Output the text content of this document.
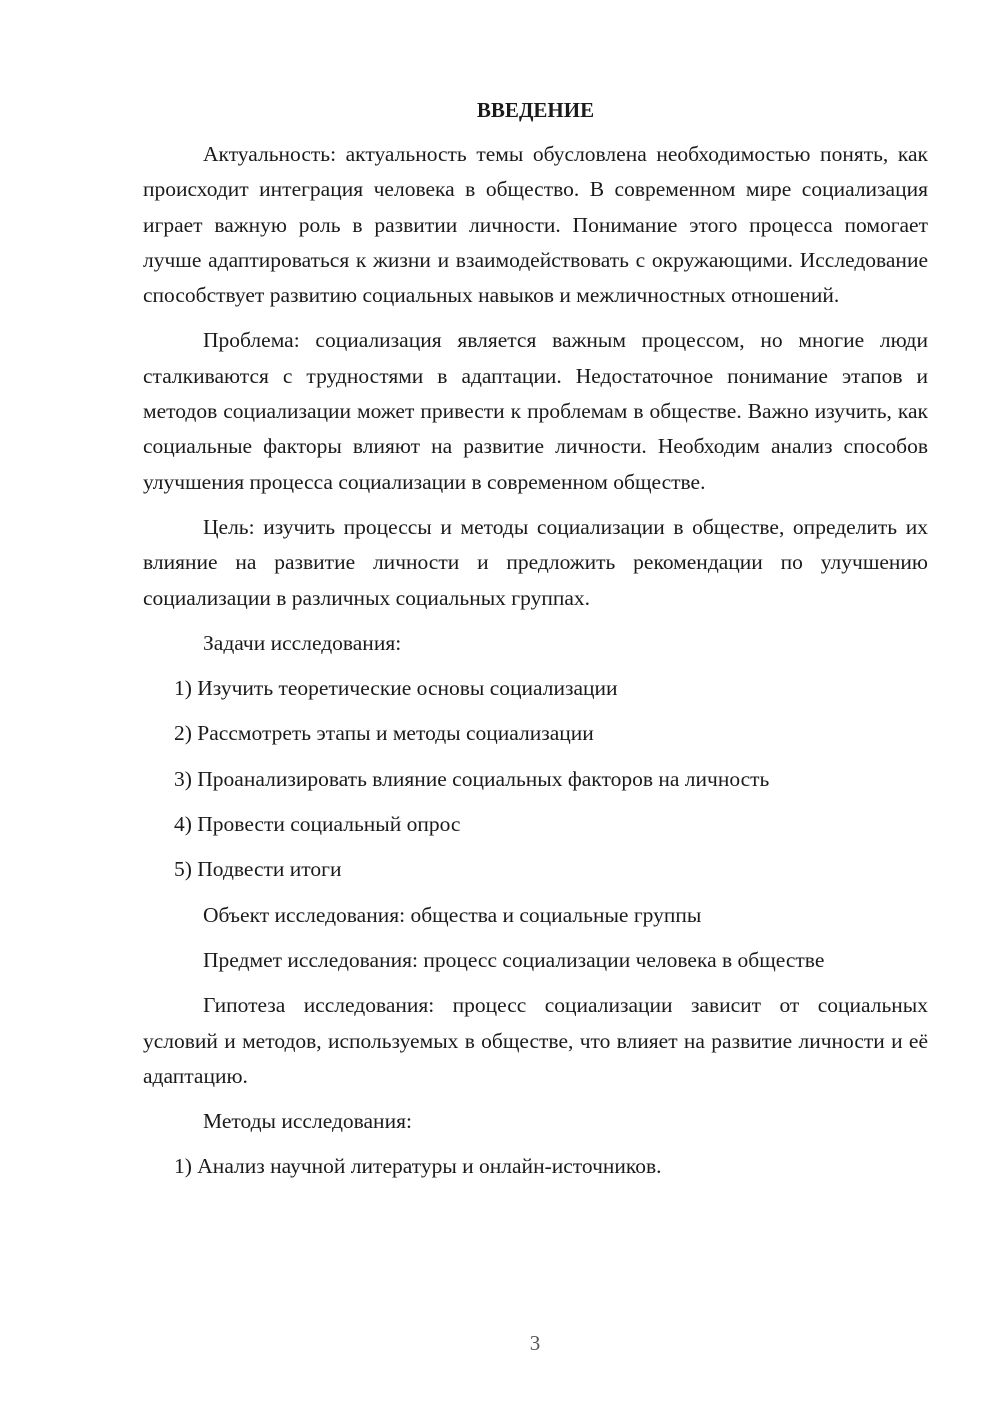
ВВЕДЕНИЕ

Актуальность: актуальность темы обусловлена необходимостью понять, как происходит интеграция человека в общество. В современном мире социализация играет важную роль в развитии личности. Понимание этого процесса помогает лучше адаптироваться к жизни и взаимодействовать с окружающими. Исследование способствует развитию социальных навыков и межличностных отношений.

Проблема: социализация является важным процессом, но многие люди сталкиваются с трудностями в адаптации. Недостаточное понимание этапов и методов социализации может привести к проблемам в обществе. Важно изучить, как социальные факторы влияют на развитие личности. Необходим анализ способов улучшения процесса социализации в современном обществе.

Цель: изучить процессы и методы социализации в обществе, определить их влияние на развитие личности и предложить рекомендации по улучшению социализации в различных социальных группах.

Задачи исследования:

1) Изучить теоретические основы социализации

2) Рассмотреть этапы и методы социализации

3) Проанализировать влияние социальных факторов на личность

4) Провести социальный опрос

5) Подвести итоги

Объект исследования: общества и социальные группы

Предмет исследования: процесс социализации человека в обществе

Гипотеза исследования: процесс социализации зависит от социальных условий и методов, используемых в обществе, что влияет на развитие личности и её адаптацию.

Методы исследования:

1) Анализ научной литературы и онлайн-источников.

3
